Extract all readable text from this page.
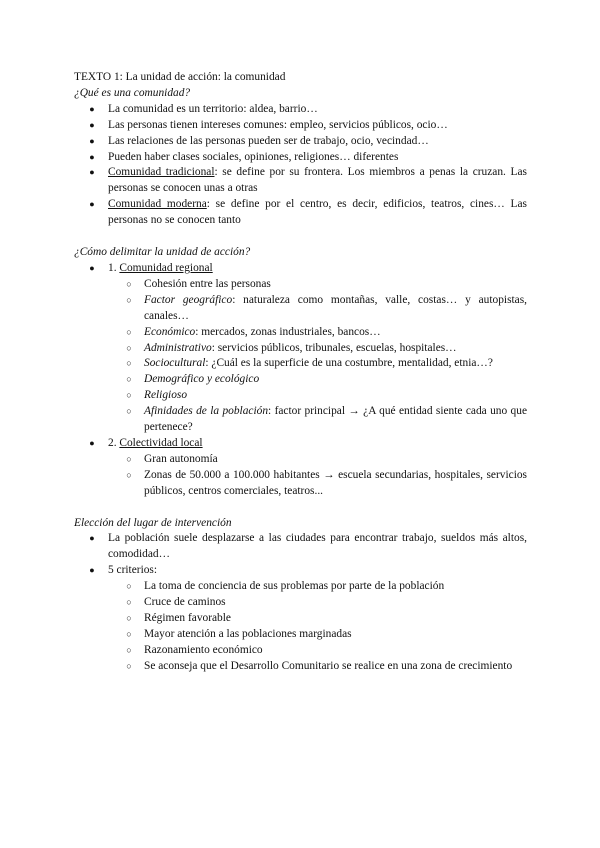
TEXTO 1: La unidad de acción: la comunidad

¿Qué es una comunidad?

● La comunidad es un territorio: aldea, barrio…
● Las personas tienen intereses comunes: empleo, servicios públicos, ocio…
● Las relaciones de las personas pueden ser de trabajo, ocio, vecindad…
● Pueden haber clases sociales, opiniones, religiones… diferentes
● Comunidad tradicional: se define por su frontera. Los miembros a penas la cruzan. Las personas se conocen unas a otras
● Comunidad moderna: se define por el centro, es decir, edificios, teatros, cines… Las personas no se conocen tanto

¿Cómo delimitar la unidad de acción?

● 1. Comunidad regional
○ Cohesión entre las personas
○ Factor geográfico: naturaleza como montañas, valle, costas… y autopistas, canales…
○ Económico: mercados, zonas industriales, bancos…
○ Administrativo: servicios públicos, tribunales, escuelas, hospitales…
○ Sociocultural: ¿Cuál es la superficie de una costumbre, mentalidad, etnia…?
○ Demográfico y ecológico
○ Religioso
○ Afinidades de la población: factor principal → ¿A qué entidad siente cada uno que pertenece?
● 2. Colectividad local
○ Gran autonomía
○ Zonas de 50.000 a 100.000 habitantes → escuela secundarias, hospitales, servicios públicos, centros comerciales, teatros...

Elección del lugar de intervención

● La población suele desplazarse a las ciudades para encontrar trabajo, sueldos más altos, comodidad…
● 5 criterios:
○ La toma de conciencia de sus problemas por parte de la población
○ Cruce de caminos
○ Régimen favorable
○ Mayor atención a las poblaciones marginadas
○ Razonamiento económico
○ Se aconseja que el Desarrollo Comunitario se realice en una zona de crecimiento
